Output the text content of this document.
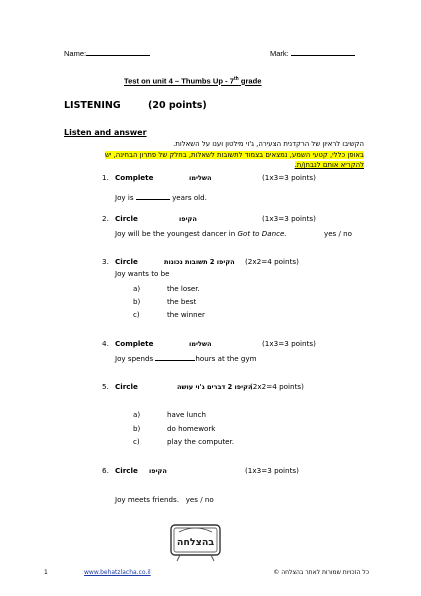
Name:	Mark:
Test on unit 4 – Thumbs Up - 7th grade
LISTENING	(20 points)
Listen and answer
הקשיבו לראיון של הרקדנית הצעירה, ג'וי מילטון וענו על השאלות.
באופן כללי, קטעי השמע, נמצאים בצמוד לתשובות לשאלות, בחלק של פתרון הבחינה, יש
להקריא אותם לנבחן/ת.
1. Complete	השלימו	(1x3=3 points)
Joy is	years old.
2. Circle	הקיפו	(1x3=3 points)
Joy will be the youngest dancer in Got to Dance.	yes / no
3. Circle	הקיפו 2 תשובות נכונות (2x2=4 points)
Joy wants to be
a)	the loser.
b)	the best
c)	the winner
4. Complete	השלימו	(1x3=3 points)
Joy spends	hours at the gym
5. Circle	הקיפו 2 דברים ג'וי עושה
(2x2=4 points)
a)	have lunch
b)	do homework
c)	play the computer.
6. Circle הקיפו	(1x3=3 points)
Joy meets friends.   yes / no
בהצלחה
1	www.behatzlacha.co.il	כל הזכויות שמורות לאתר בהצלחה ©
